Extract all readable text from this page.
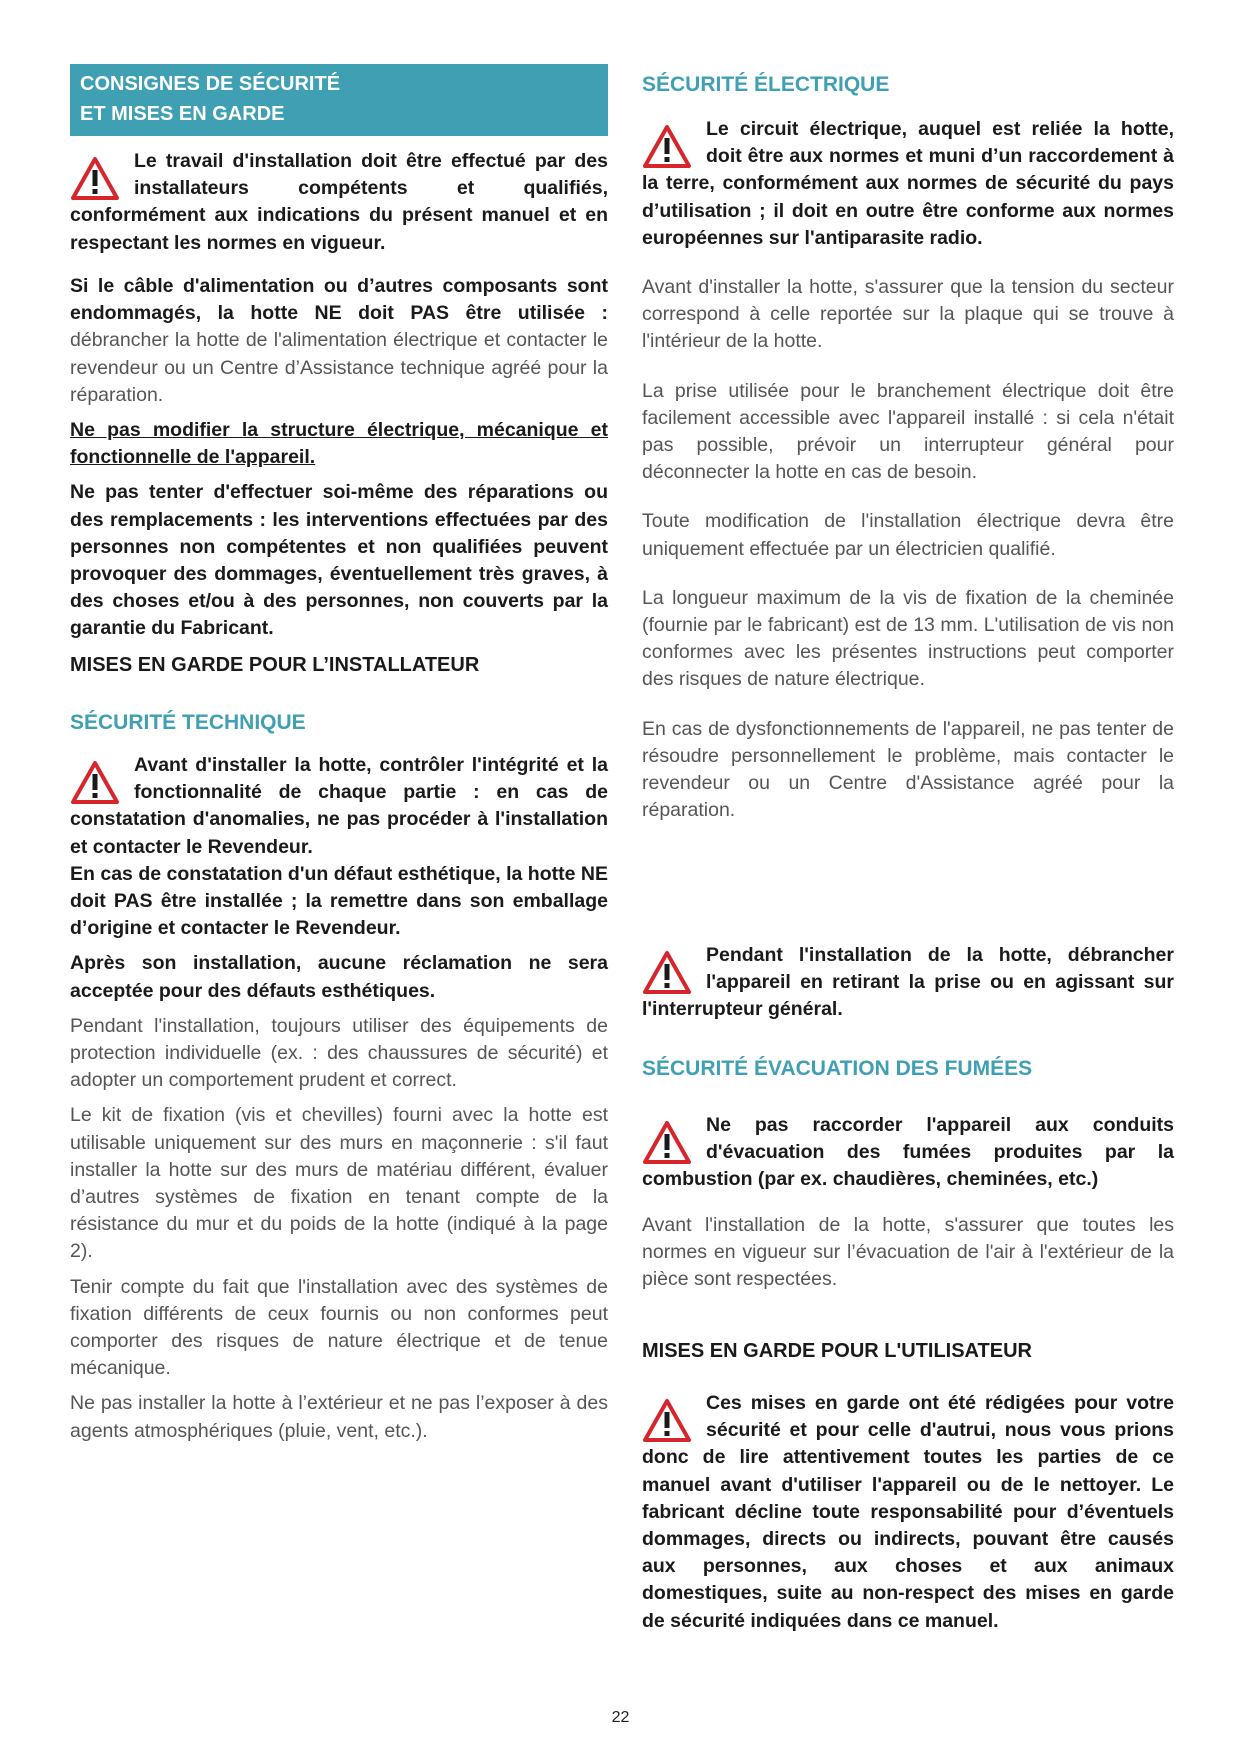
CONSIGNES DE SÉCURITÉ
ET MISES EN GARDE
Le travail d'installation doit être effectué par des installateurs compétents et qualifiés, conformément aux indications du présent manuel et en respectant les normes en vigueur.
Si le câble d'alimentation ou d’autres composants sont endommagés, la hotte NE doit PAS être utilisée : débrancher la hotte de l'alimentation électrique et contacter le revendeur ou un Centre d’Assistance technique agréé pour la réparation.
Ne pas modifier la structure électrique, mécanique et fonctionnelle de l'appareil.
Ne pas tenter d'effectuer soi-même des réparations ou des remplacements : les interventions effectuées par des personnes non compétentes et non qualifiées peuvent provoquer des dommages, éventuellement très graves, à des choses et/ou à des personnes, non couverts par la garantie du Fabricant.
MISES EN GARDE POUR L’INSTALLATEUR
SÉCURITÉ TECHNIQUE
Avant d'installer la hotte, contrôler l'intégrité et la fonctionnalité de chaque partie : en cas de constatation d'anomalies, ne pas procéder à l'installation et contacter le Revendeur.
En cas de constatation d'un défaut esthétique, la hotte NE doit PAS être installée ; la remettre dans son emballage d’origine et contacter le Revendeur.
Après son installation, aucune réclamation ne sera acceptée pour des défauts esthétiques.
Pendant l'installation, toujours utiliser des équipements de protection individuelle (ex. : des chaussures de sécurité) et adopter un comportement prudent et correct.
Le kit de fixation (vis et chevilles) fourni avec la hotte est utilisable uniquement sur des murs en maçonnerie : s'il faut installer la hotte sur des murs de matériau différent, évaluer d’autres systèmes de fixation en tenant compte de la résistance du mur et du poids de la hotte (indiqué à la page 2).
Tenir compte du fait que l'installation avec des systèmes de fixation différents de ceux fournis ou non conformes peut comporter des risques de nature électrique et de tenue mécanique.
Ne pas installer la hotte à l’extérieur et ne pas l’exposer à des agents atmosphériques (pluie, vent, etc.).
SÉCURITÉ ÉLECTRIQUE
Le circuit électrique, auquel est reliée la hotte, doit être aux normes et muni d’un raccordement à la terre, conformément aux normes de sécurité du pays d’utilisation ; il doit en outre être conforme aux normes européennes sur l'antiparasite radio.
Avant d'installer la hotte, s'assurer que la tension du secteur correspond à celle reportée sur la plaque qui se trouve à l'intérieur de la hotte.
La prise utilisée pour le branchement électrique doit être facilement accessible avec l'appareil installé : si cela n'était pas possible, prévoir un interrupteur général pour déconnecter la hotte en cas de besoin.
Toute modification de l'installation électrique devra être uniquement effectuée par un électricien qualifié.
La longueur maximum de la vis de fixation de la cheminée (fournie par le fabricant) est de 13 mm. L'utilisation de vis non conformes avec les présentes instructions peut comporter des risques de nature électrique.
En cas de dysfonctionnements de l'appareil, ne pas tenter de résoudre personnellement le problème, mais contacter le revendeur ou un Centre d'Assistance agréé pour la réparation.
Pendant l'installation de la hotte, débrancher l'appareil en retirant la prise ou en agissant sur l'interrupteur général.
SÉCURITÉ ÉVACUATION DES FUMÉES
Ne pas raccorder l'appareil aux conduits d'évacuation des fumées produites par la combustion (par ex. chaudières, cheminées, etc.)
Avant l'installation de la hotte, s'assurer que toutes les normes en vigueur sur l’évacuation de l'air à l'extérieur de la pièce sont respectées.
MISES EN GARDE POUR L'UTILISATEUR
Ces mises en garde ont été rédigées pour votre sécurité et pour celle d'autrui, nous vous prions donc de lire attentivement toutes les parties de ce manuel avant d'utiliser l'appareil ou de le nettoyer. Le fabricant décline toute responsabilité pour d’éventuels dommages, directs ou indirects, pouvant être causés aux personnes, aux choses et aux animaux domestiques, suite au non-respect des mises en garde de sécurité indiquées dans ce manuel.
22
